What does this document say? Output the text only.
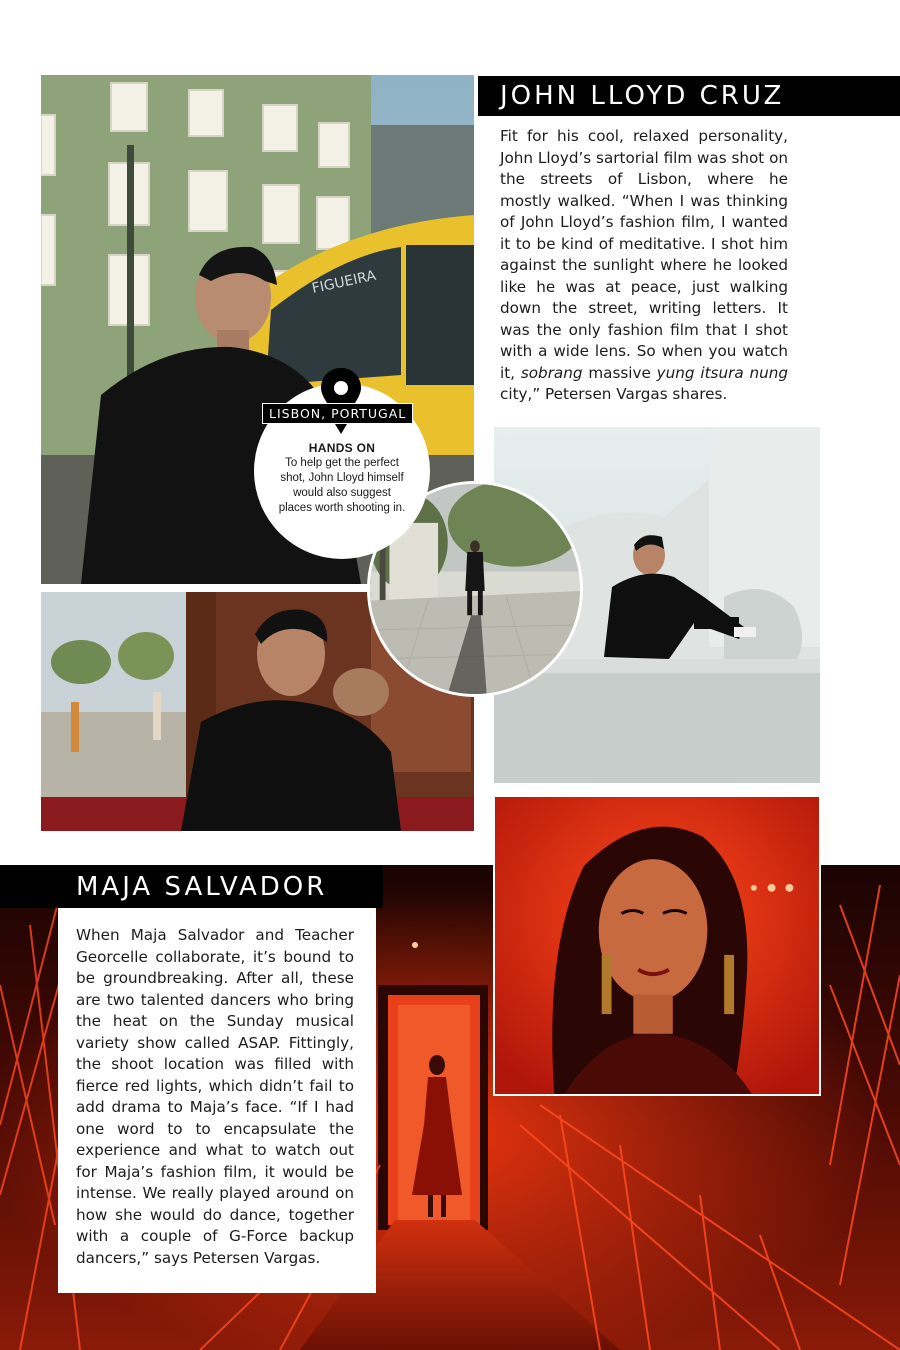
FIGUEIRA
JOHN LLOYD CRUZ
Fit for his cool, relaxed personality, John Lloyd’s sartorial film was shot on the streets of Lisbon, where he mostly walked. “When I was thinking of John Lloyd’s fashion film, I wanted it to be kind of meditative. I shot him against the sunlight where he looked like he was at peace, just walking down the street, writing letters. It was the only fashion film that I shot with a wide lens. So when you watch it, sobrang massive yung itsura nung city,” Petersen Vargas shares.
HANDS ON
To help get the perfect shot, John Lloyd himself would also suggest places worth shooting in.
LISBON, PORTUGAL
MAJA SALVADOR
When Maja Salvador and Teacher Georcelle collaborate, it’s bound to be groundbreaking. After all, these are two talented dancers who bring the heat on the Sunday musical variety show called ASAP. Fittingly, the shoot location was filled with fierce red lights, which didn’t fail to add drama to Maja’s face. “If I had one word to to encapsulate the experience and what to watch out for Maja’s fashion film, it would be intense. We really played around on how she would do dance, together with a couple of G-Force backup dancers,” says Petersen Vargas.
